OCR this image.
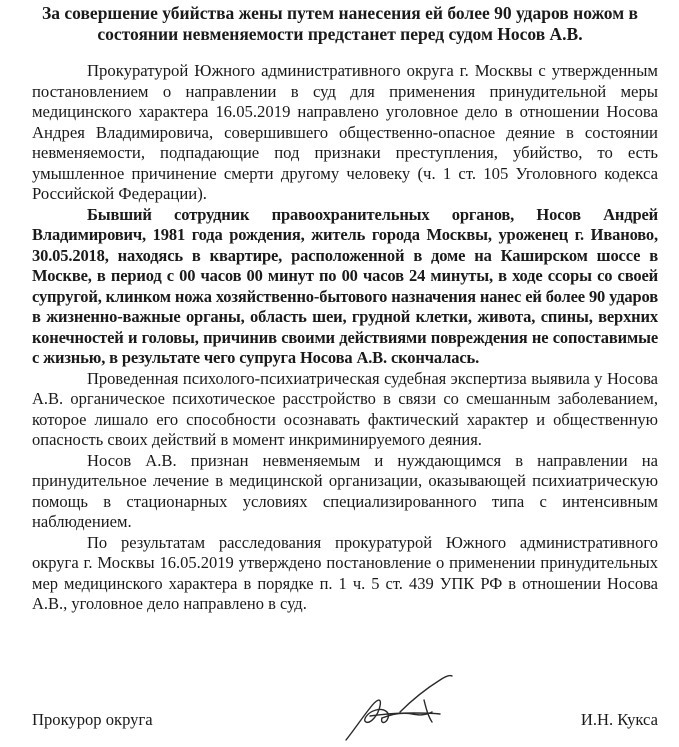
За совершение убийства жены путем нанесения ей более 90 ударов ножом в состоянии невменяемости предстанет перед судом Носов А.В.

Прокуратурой Южного административного округа г. Москвы с утвержденным постановлением о направлении в суд для применения принудительной меры медицинского характера 16.05.2019 направлено уголовное дело в отношении Носова Андрея Владимировича, совершившего общественно-опасное деяние в состоянии невменяемости, подпадающие под признаки преступления, убийство, то есть умышленное причинение смерти другому человеку (ч. 1 ст. 105 Уголовного кодекса Российской Федерации).

Бывший сотрудник правоохранительных органов, Носов Андрей Владимирович, 1981 года рождения, житель города Москвы, уроженец г. Иваново, 30.05.2018, находясь в квартире, расположенной в доме на Каширском шоссе в Москве, в период с 00 часов 00 минут по 00 часов 24 минуты, в ходе ссоры со своей супругой, клинком ножа хозяйственно-бытового назначения нанес ей более 90 ударов в жизненно-важные органы, область шеи, грудной клетки, живота, спины, верхних конечностей и головы, причинив своими действиями повреждения не сопоставимые с жизнью, в результате чего супруга Носова А.В. скончалась.

Проведенная психолого-психиатрическая судебная экспертиза выявила у Носова А.В. органическое психотическое расстройство в связи со смешанным заболеванием, которое лишало его способности осознавать фактический характер и общественную опасность своих действий в момент инкриминируемого деяния.

Носов А.В. признан невменяемым и нуждающимся в направлении на принудительное лечение в медицинской организации, оказывающей психиатрическую помощь в стационарных условиях специализированного типа с интенсивным наблюдением.

По результатам расследования прокуратурой Южного административного округа г. Москвы 16.05.2019 утверждено постановление о применении принудительных мер медицинского характера в порядке п. 1 ч. 5 ст. 439 УПК РФ в отношении Носова А.В., уголовное дело направлено в суд.

Прокурор округа	И.Н. Кукса
